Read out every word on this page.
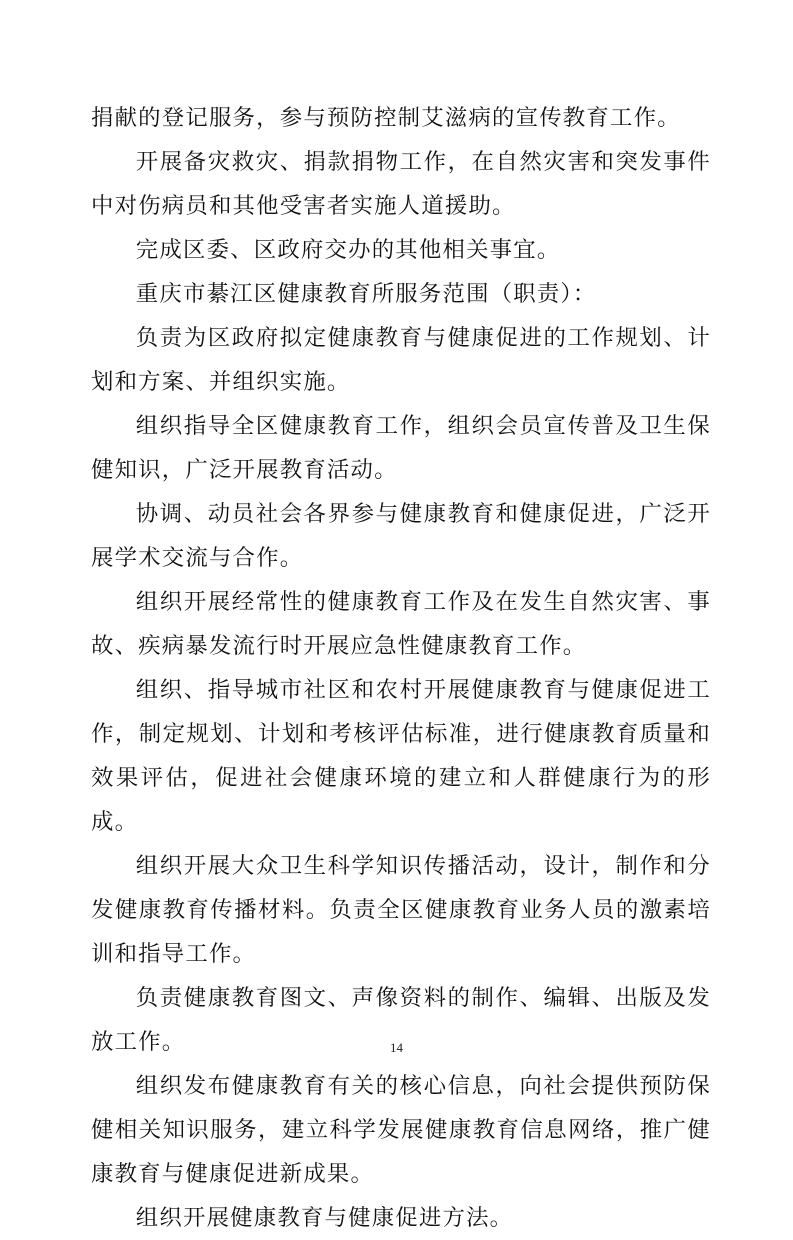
捐献的登记服务，参与预防控制艾滋病的宣传教育工作。

开展备灾救灾、捐款捐物工作，在自然灾害和突发事件中对伤病员和其他受害者实施人道援助。

完成区委、区政府交办的其他相关事宜。

重庆市綦江区健康教育所服务范围（职责）：

负责为区政府拟定健康教育与健康促进的工作规划、计划和方案、并组织实施。

组织指导全区健康教育工作，组织会员宣传普及卫生保健知识，广泛开展教育活动。

协调、动员社会各界参与健康教育和健康促进，广泛开展学术交流与合作。

组织开展经常性的健康教育工作及在发生自然灾害、事故、疾病暴发流行时开展应急性健康教育工作。

组织、指导城市社区和农村开展健康教育与健康促进工作，制定规划、计划和考核评估标准，进行健康教育质量和效果评估，促进社会健康环境的建立和人群健康行为的形成。

组织开展大众卫生科学知识传播活动，设计，制作和分发健康教育传播材料。负责全区健康教育业务人员的激素培训和指导工作。

负责健康教育图文、声像资料的制作、编辑、出版及发放工作。

组织发布健康教育有关的核心信息，向社会提供预防保健相关知识服务，建立科学发展健康教育信息网络，推广健康教育与健康促进新成果。

组织开展健康教育与健康促进方法。

14
